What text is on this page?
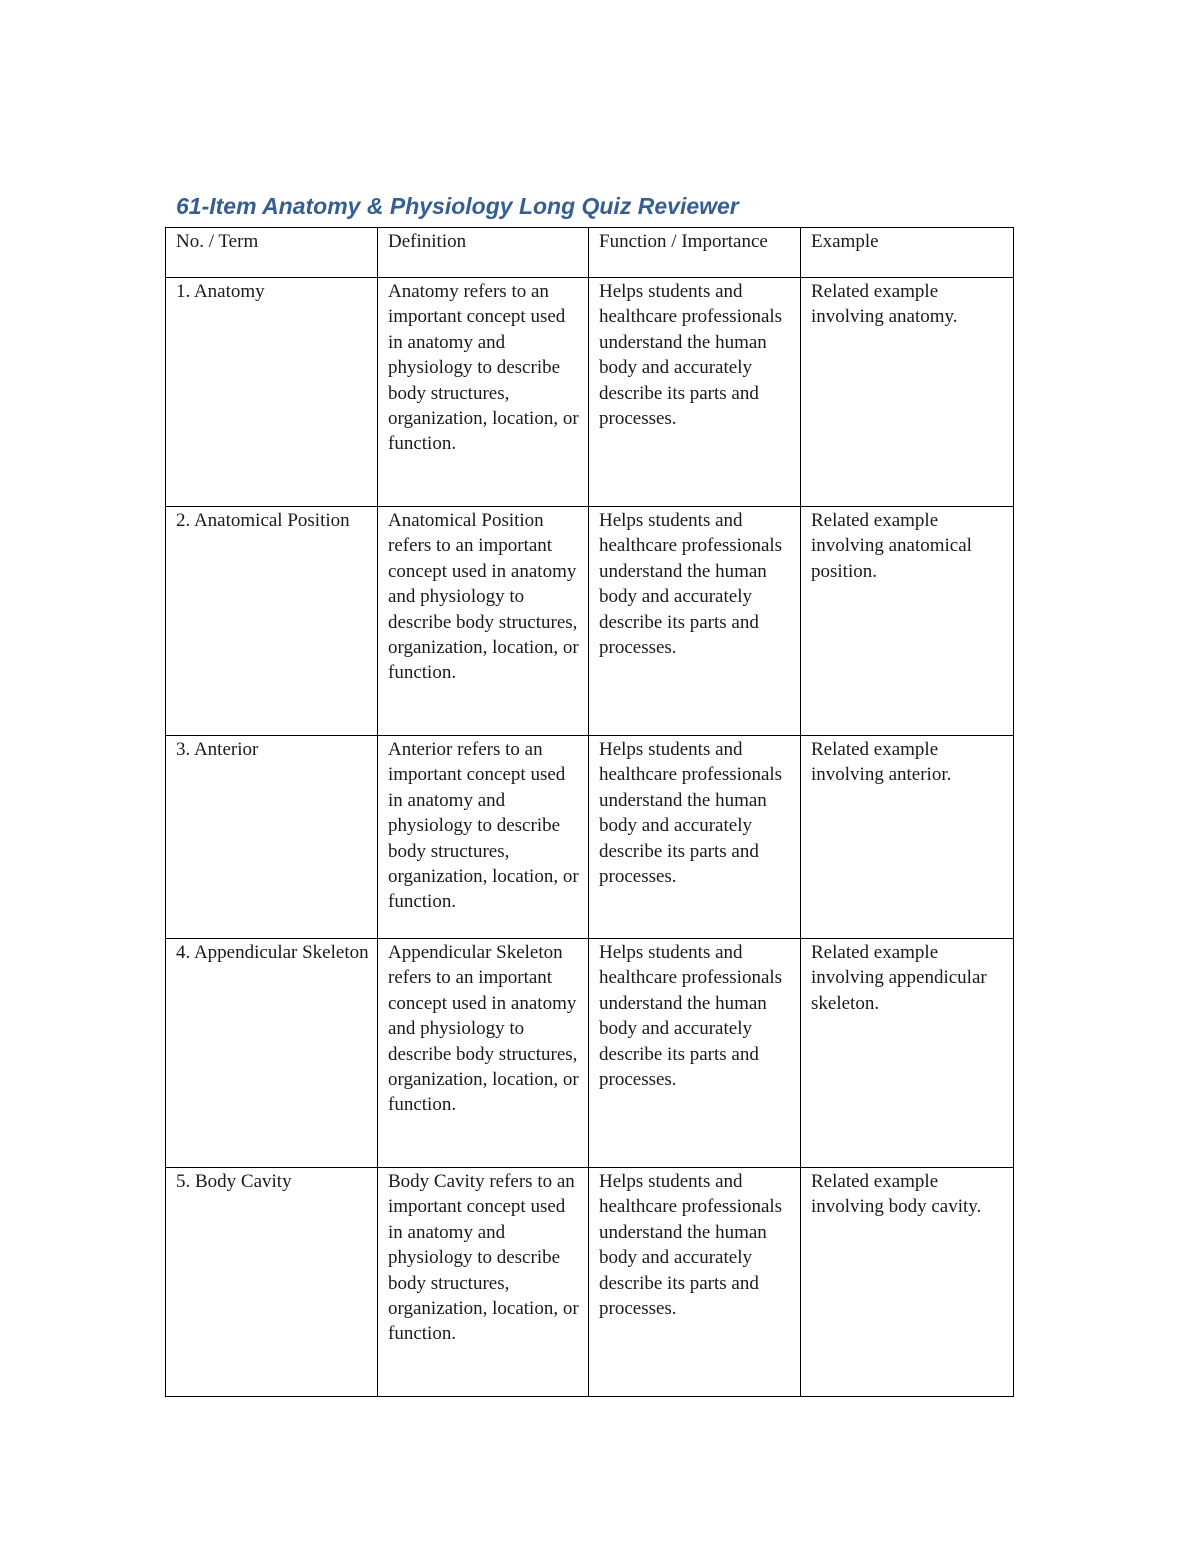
61-Item Anatomy & Physiology Long Quiz Reviewer
No. / Term	Definition	Function / Importance	Example
1. Anatomy	Anatomy refers to an important concept used in anatomy and physiology to describe body structures, organization, location, or function.	Helps students and healthcare professionals understand the human body and accurately describe its parts and processes.	Related example involving anatomy.
2. Anatomical Position	Anatomical Position refers to an important concept used in anatomy and physiology to describe body structures, organization, location, or function.	Helps students and healthcare professionals understand the human body and accurately describe its parts and processes.	Related example involving anatomical position.
3. Anterior	Anterior refers to an important concept used in anatomy and physiology to describe body structures, organization, location, or function.	Helps students and healthcare professionals understand the human body and accurately describe its parts and processes.	Related example involving anterior.
4. Appendicular Skeleton	Appendicular Skeleton refers to an important concept used in anatomy and physiology to describe body structures, organization, location, or function.	Helps students and healthcare professionals understand the human body and accurately describe its parts and processes.	Related example involving appendicular skeleton.
5. Body Cavity	Body Cavity refers to an important concept used in anatomy and physiology to describe body structures, organization, location, or function.	Helps students and healthcare professionals understand the human body and accurately describe its parts and processes.	Related example involving body cavity.
